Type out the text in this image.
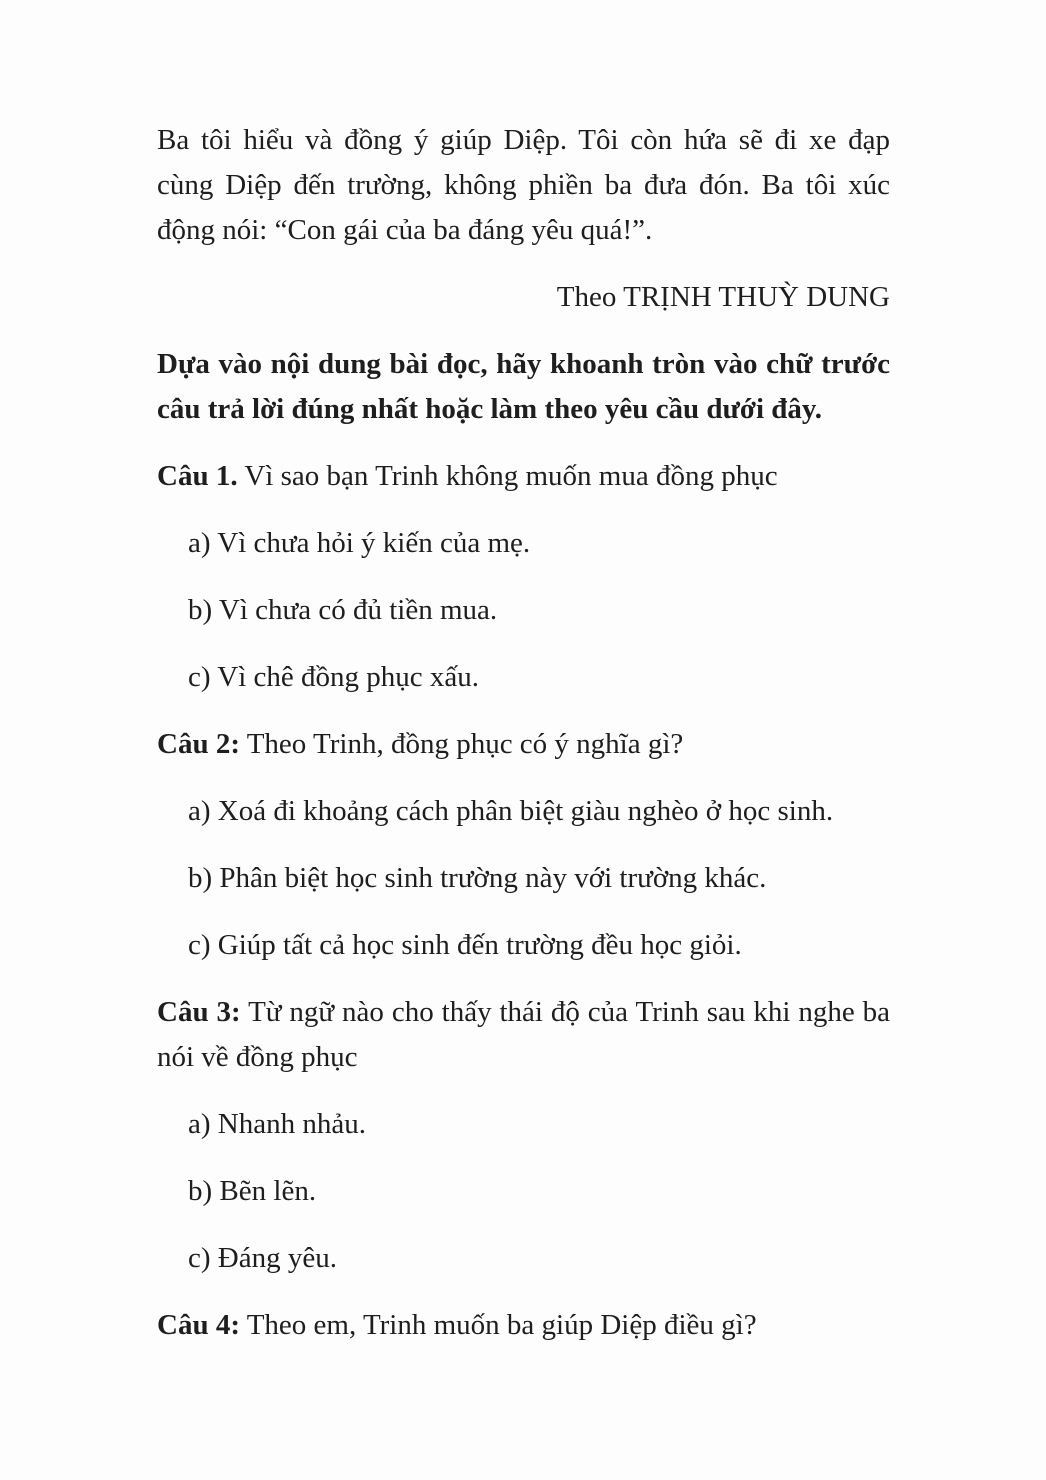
Ba tôi hiểu và đồng ý giúp Diệp. Tôi còn hứa sẽ đi xe đạp cùng Diệp đến trường, không phiền ba đưa đón. Ba tôi xúc động nói: “Con gái của ba đáng yêu quá!”.

Theo TRỊNH THUỲ DUNG

Dựa vào nội dung bài đọc, hãy khoanh tròn vào chữ trước câu trả lời đúng nhất hoặc làm theo yêu cầu dưới đây.

Câu 1. Vì sao bạn Trinh không muốn mua đồng phục

a) Vì chưa hỏi ý kiến của mẹ.

b) Vì chưa có đủ tiền mua.

c) Vì chê đồng phục xấu.

Câu 2: Theo Trinh, đồng phục có ý nghĩa gì?

a) Xoá đi khoảng cách phân biệt giàu nghèo ở học sinh.

b) Phân biệt học sinh trường này với trường khác.

c) Giúp tất cả học sinh đến trường đều học giỏi.

Câu 3: Từ ngữ nào cho thấy thái độ của Trinh sau khi nghe ba nói về đồng phục

a) Nhanh nhảu.

b) Bẽn lẽn.

c) Đáng yêu.

Câu 4: Theo em, Trinh muốn ba giúp Diệp điều gì?
